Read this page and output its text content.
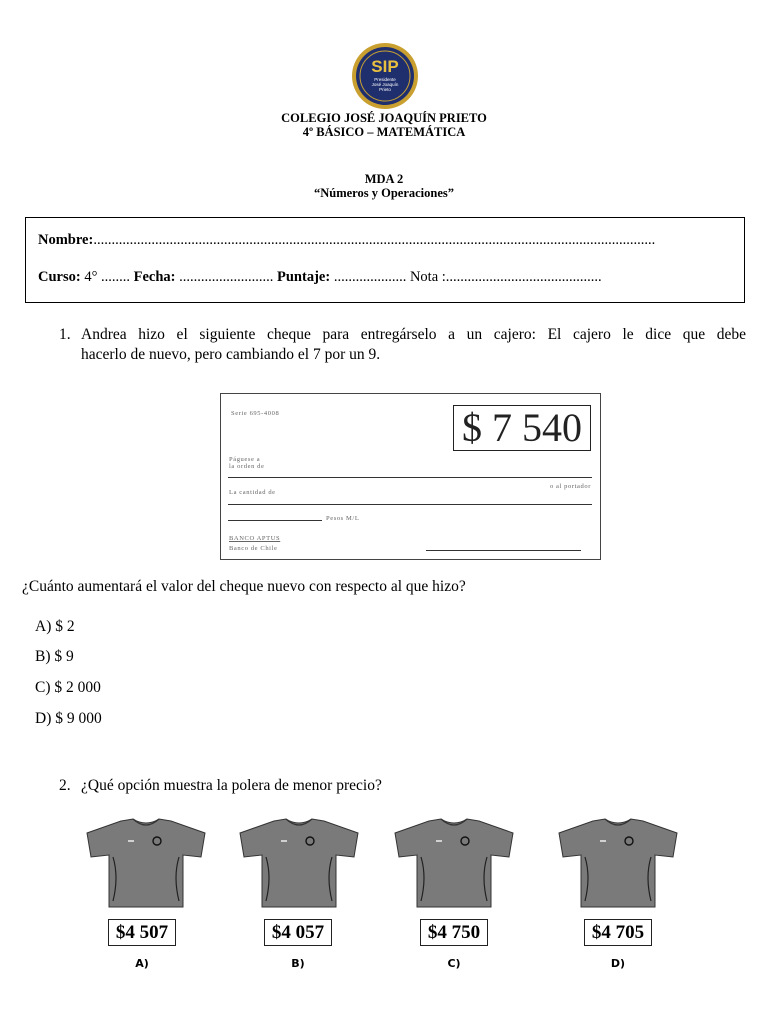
SIP
Presidente
José Joaquín
Prieto
COLEGIO JOSÉ JOAQUÍN PRIETO
4º BÁSICO – MATEMÁTICA
MDA 2
“Números y Operaciones”
Nombre:...........................................................................................................................................................
Curso: 4° ........ Fecha: .......................... Puntaje: .................... Nota :...........................................
1. Andrea hizo el siguiente cheque para entregárselo a un cajero: El cajero le dice que debe
hacerlo de nuevo, pero cambiando el 7 por un 9.
Serie 695-4008	$ 7 540
Páguese a
la orden de
o al portador
La cantidad de
Pesos M/L
BANCO APTUS
Banco de Chile
¿Cuánto aumentará el valor del cheque nuevo con respecto al que hizo?
A) $ 2
B) $ 9
C) $ 2 000
D) $ 9 000
2. ¿Qué opción muestra la polera de menor precio?
$4 507
A)
$4 057
B)
$4 750
C)
$4 705
D)
